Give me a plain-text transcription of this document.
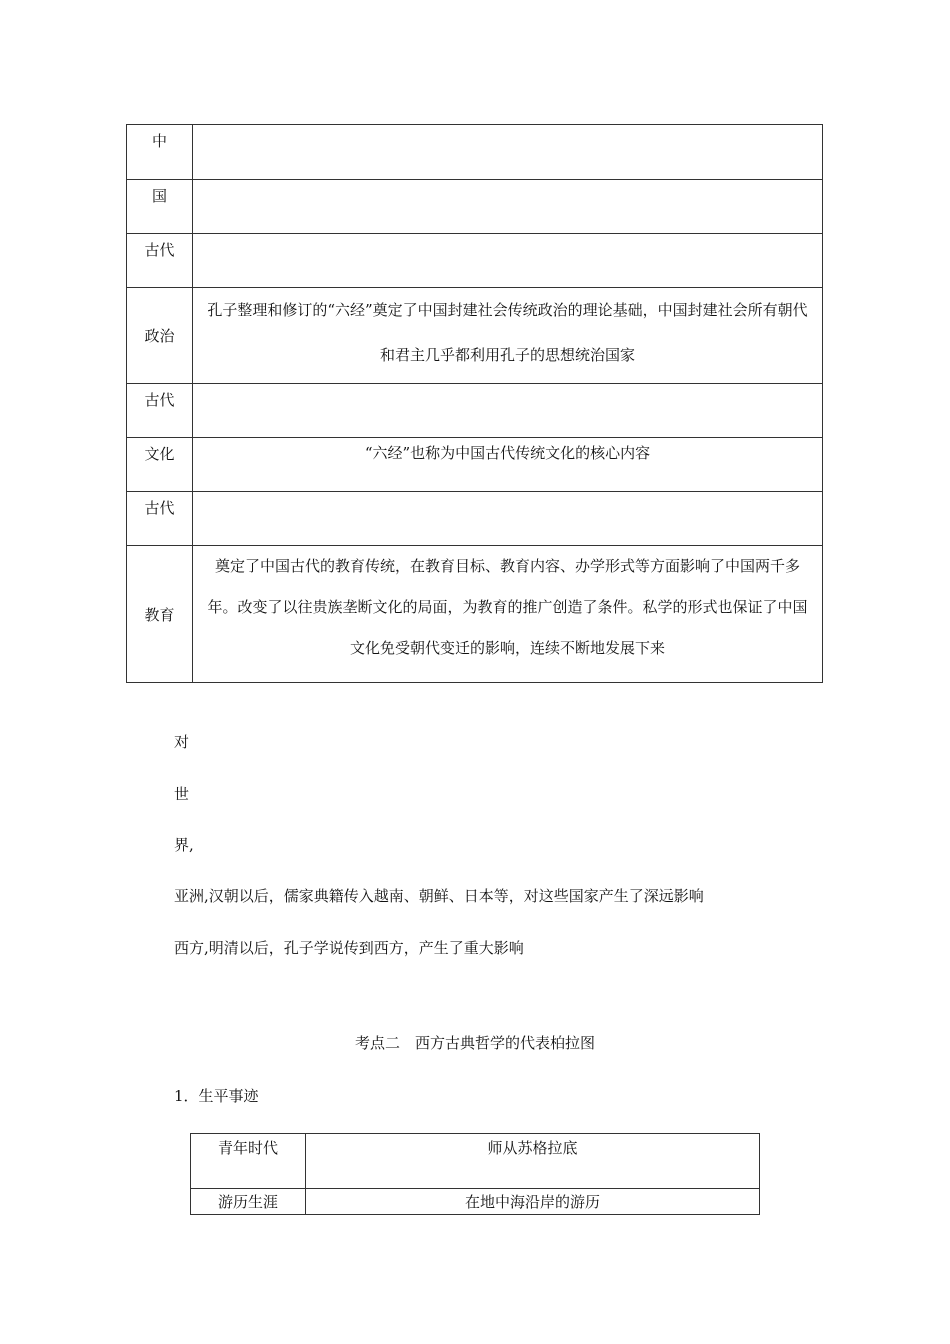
中	

国	

古代	

政治	孔子整理和修订的“六经”奠定了中国封建社会传统政治的理论基础，中国封建社会所有朝代和君主几乎都利用孔子的思想统治国家

古代	

文化	“六经”也称为中国古代传统文化的核心内容

古代	

教育	奠定了中国古代的教育传统，在教育目标、教育内容、办学形式等方面影响了中国两千多年。改变了以往贵族垄断文化的局面，为教育的推广创造了条件。私学的形式也保证了中国文化免受朝代变迁的影响，连续不断地发展下来

对

世

界,

亚洲,汉朝以后，儒家典籍传入越南、朝鲜、日本等，对这些国家产生了深远影响

西方,明清以后，孔子学说传到西方，产生了重大影响

考点二　西方古典哲学的代表柏拉图

1．生平事迹

青年时代	师从苏格拉底
游历生涯	在地中海沿岸的游历
